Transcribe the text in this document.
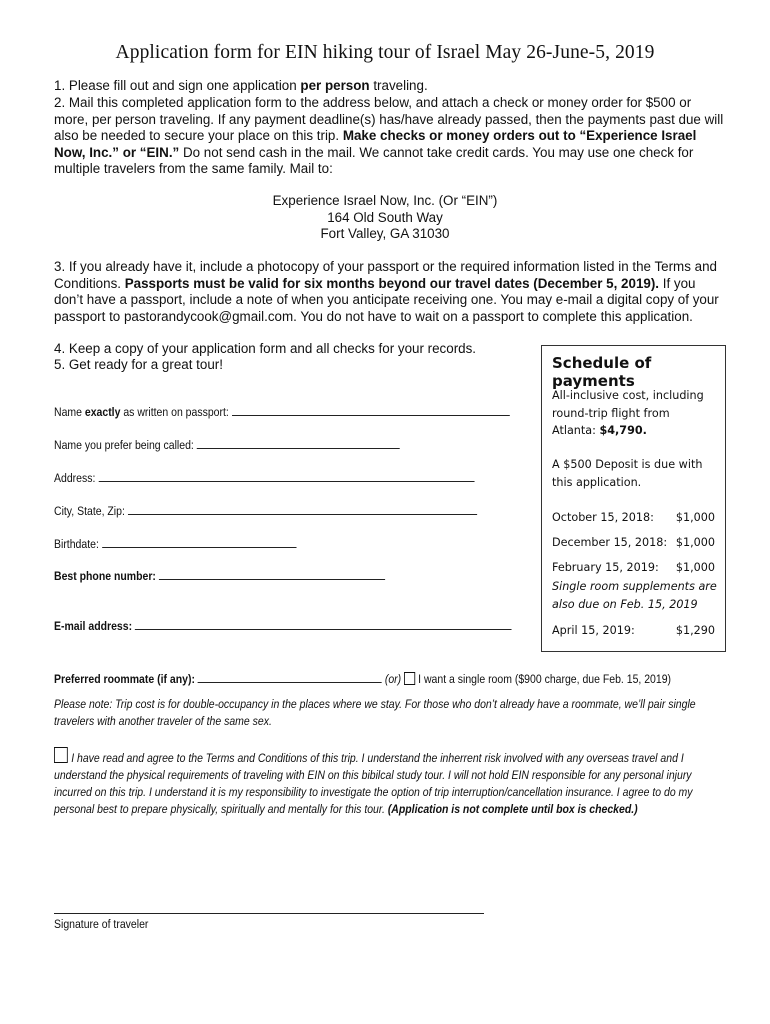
Application form for EIN hiking tour of Israel May 26-June-5, 2019
1. Please fill out and sign one application per person traveling.
2. Mail this completed application form to the address below, and attach a check or money order for $500 or more, per person traveling. If any payment deadline(s) has/have already passed, then the payments past due will also be needed to secure your place on this trip. Make checks or money orders out to “Experience Israel Now, Inc.” or “EIN.” Do not send cash in the mail. We cannot take credit cards. You may use one check for multiple travelers from the same family. Mail to:
Experience Israel Now, Inc. (Or “EIN”)
164 Old South Way
Fort Valley, GA 31030
3. If you already have it, include a photocopy of your passport or the required information listed in the Terms and Conditions. Passports must be valid for six months beyond our travel dates (December 5, 2019). If you don’t have a passport, include a note of when you anticipate receiving one. You may e-mail a digital copy of your passport to pastorandycook@gmail.com. You do not have to wait on a passport to complete this application.
4. Keep a copy of your application form and all checks for your records.
5. Get ready for a great tour!
Name exactly as written on passport:
Name you prefer being called:
Address:
City, State, Zip:
Birthdate:
Best phone number:
E-mail address:
Preferred roommate (if any):	(or) I want a single room ($900 charge, due Feb. 15, 2019)
Please note: Trip cost is for double-occupancy in the places where we stay. For those who don’t already have a roommate, we’ll pair single travelers with another traveler of the same sex.
I have read and agree to the Terms and Conditions of this trip. I understand the inherrent risk involved with any overseas travel and I understand the physical requirements of traveling with EIN on this bibilcal study tour. I will not hold EIN responsible for any personal injury incurred on this trip. I understand it is my responsibility to investigate the option of trip interruption/cancellation insurance. I agree to do my personal best to prepare physically, spiritually and mentally for this tour. (Application is not complete until box is checked.)
Signature of traveler
Schedule of payments
All-inclusive cost, including round-trip flight from Atlanta: $4,790.
A $500 Deposit is due with this application.
October 15, 2018: $1,000
December 15, 2018: $1,000
February 15, 2019: $1,000
Single room supplements are also due on Feb. 15, 2019
April 15, 2019:	$1,290
